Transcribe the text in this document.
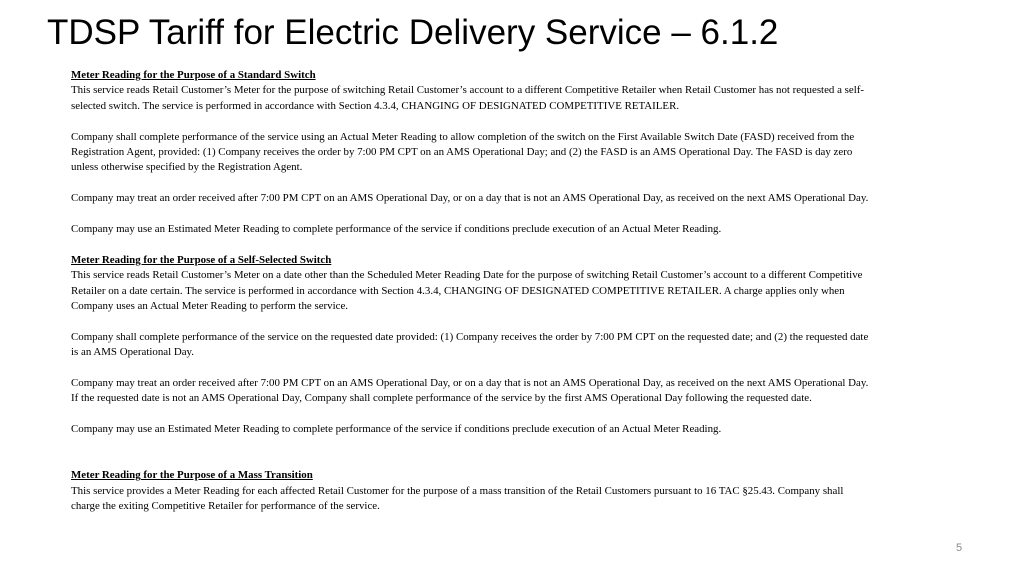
TDSP Tariff for Electric Delivery Service – 6.1.2

Meter Reading for the Purpose of a Standard Switch

This service reads Retail Customer’s Meter for the purpose of switching Retail Customer’s account to a different Competitive Retailer when Retail Customer has not requested a self-selected switch. The service is performed in accordance with Section 4.3.4, CHANGING OF DESIGNATED COMPETITIVE RETAILER.

Company shall complete performance of the service using an Actual Meter Reading to allow completion of the switch on the First Available Switch Date (FASD) received from the Registration Agent, provided: (1) Company receives the order by 7:00 PM CPT on an AMS Operational Day; and (2) the FASD is an AMS Operational Day. The FASD is day zero unless otherwise specified by the Registration Agent.

Company may treat an order received after 7:00 PM CPT on an AMS Operational Day, or on a day that is not an AMS Operational Day, as received on the next AMS Operational Day.

Company may use an Estimated Meter Reading to complete performance of the service if conditions preclude execution of an Actual Meter Reading.

Meter Reading for the Purpose of a Self-Selected Switch

This service reads Retail Customer’s Meter on a date other than the Scheduled Meter Reading Date for the purpose of switching Retail Customer’s account to a different Competitive Retailer on a date certain. The service is performed in accordance with Section 4.3.4, CHANGING OF DESIGNATED COMPETITIVE RETAILER. A charge applies only when Company uses an Actual Meter Reading to perform the service.

Company shall complete performance of the service on the requested date provided: (1) Company receives the order by 7:00 PM CPT on the requested date; and (2) the requested date is an AMS Operational Day.

Company may treat an order received after 7:00 PM CPT on an AMS Operational Day, or on a day that is not an AMS Operational Day, as received on the next AMS Operational Day. If the requested date is not an AMS Operational Day, Company shall complete performance of the service by the first AMS Operational Day following the requested date.

Company may use an Estimated Meter Reading to complete performance of the service if conditions preclude execution of an Actual Meter Reading.

Meter Reading for the Purpose of a Mass Transition

This service provides a Meter Reading for each affected Retail Customer for the purpose of a mass transition of the Retail Customers pursuant to 16 TAC §25.43. Company shall charge the exiting Competitive Retailer for performance of the service.

5
